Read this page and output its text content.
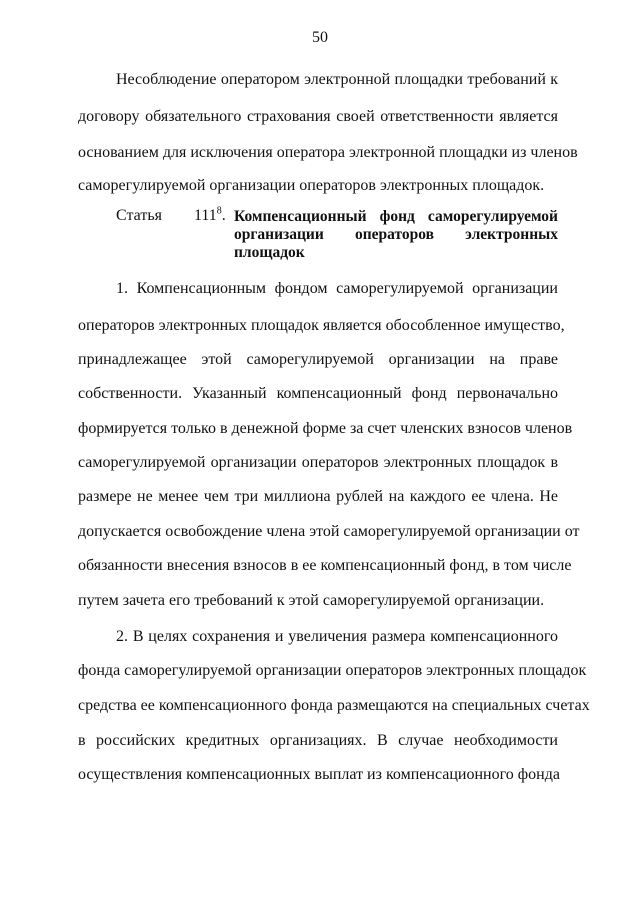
50
Несоблюдение оператором электронной площадки требований к
договору обязательного страхования своей ответственности является
основанием для исключения оператора электронной площадки из членов
саморегулируемой организации операторов электронных площадок.
Статья $111^8$. Компенсационный фонд саморегулируемой
организации операторов электронных
площадок
1. Компенсационным фондом саморегулируемой организации
операторов электронных площадок является обособленное имущество,
принадлежащее этой саморегулируемой организации на праве
собственности. Указанный компенсационный фонд первоначально
формируется только в денежной форме за счет членских взносов членов
саморегулируемой организации операторов электронных площадок в
размере не менее чем три миллиона рублей на каждого ее члена. Не
допускается освобождение члена этой саморегулируемой организации от
обязанности внесения взносов в ее компенсационный фонд, в том числе
путем зачета его требований к этой саморегулируемой организации.
2. В целях сохранения и увеличения размера компенсационного
фонда саморегулируемой организации операторов электронных площадок
средства ее компенсационного фонда размещаются на специальных счетах
в российских кредитных организациях. В случае необходимости
осуществления компенсационных выплат из компенсационного фонда
